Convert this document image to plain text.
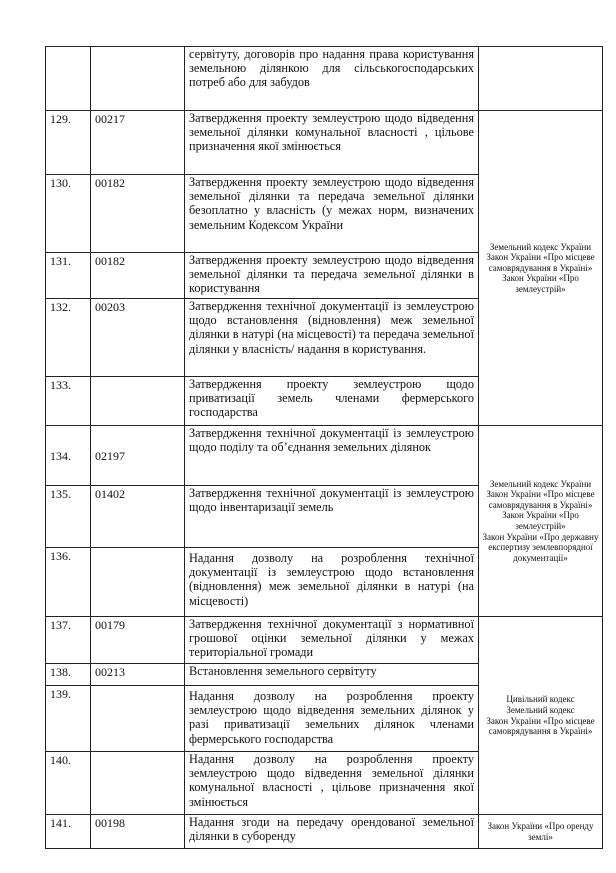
		сервітуту, договорів про надання права користування земельною ділянкою для сільськогосподарських потреб або для забудов	
129.	00217	Затвердження проекту землеустрою щодо відведення земельної ділянки комунальної власності , цільове призначення якої змінюється	Земельний кодекс України
Закон України «Про місцеве самоврядування в Україні»
Закон України «Про землеустрій»

130.	00182	Затвердження проекту землеустрою щодо відведення земельної ділянки та передача земельної ділянки безоплатно у власність (у межах норм, визначених земельним Кодексом України	
131.	00182	Затвердження проекту землеустрою щодо відведення земельної ділянки та передача земельної ділянки в користування	
132.	00203	Затвердження технічної документації із землеустрою щодо встановлення (відновлення) меж земельної ділянки в натурі (на місцевості) та передача земельної ділянки у власність/ надання в користування.	
133.		Затвердження проекту землеустрою щодо приватизації земель членами фермерського господарства	
134.	02197	Затвердження технічної документації із землеустрою щодо поділу та об’єднання земельних ділянок	Земельний кодекс України
Закон України «Про місцеве самоврядування в Україні»
Закон України «Про землеустрій»
Закон України «Про державну експертизу землевпорядної документації»

135.	01402	Затвердження технічної документації із землеустрою щодо інвентаризації земель	
136.		Надання дозволу на розроблення технічної документації із землеустрою щодо встановлення (відновлення) меж земельної ділянки в натурі (на місцевості)	
137.	00179	Затвердження технічної документації з нормативної грошової оцінки земельної ділянки у межах територіальної громади	Цивільний кодекс
Земельний кодекс
Закон України «Про місцеве самоврядування в Україні»

138.	00213	Встановлення земельного сервітуту	
139.		Надання дозволу на розроблення проекту землеустрою щодо відведення земельних ділянок у разі приватизації земельних ділянок членами фермерського господарства	
140.		Надання дозволу на розроблення проекту землеустрою щодо відведення земельної ділянки комунальної власності , цільове призначення якої змінюється	
141.	00198	Надання згоди на передачу орендованої земельної ділянки в суборенду	Закон України «Про оренду землі»
